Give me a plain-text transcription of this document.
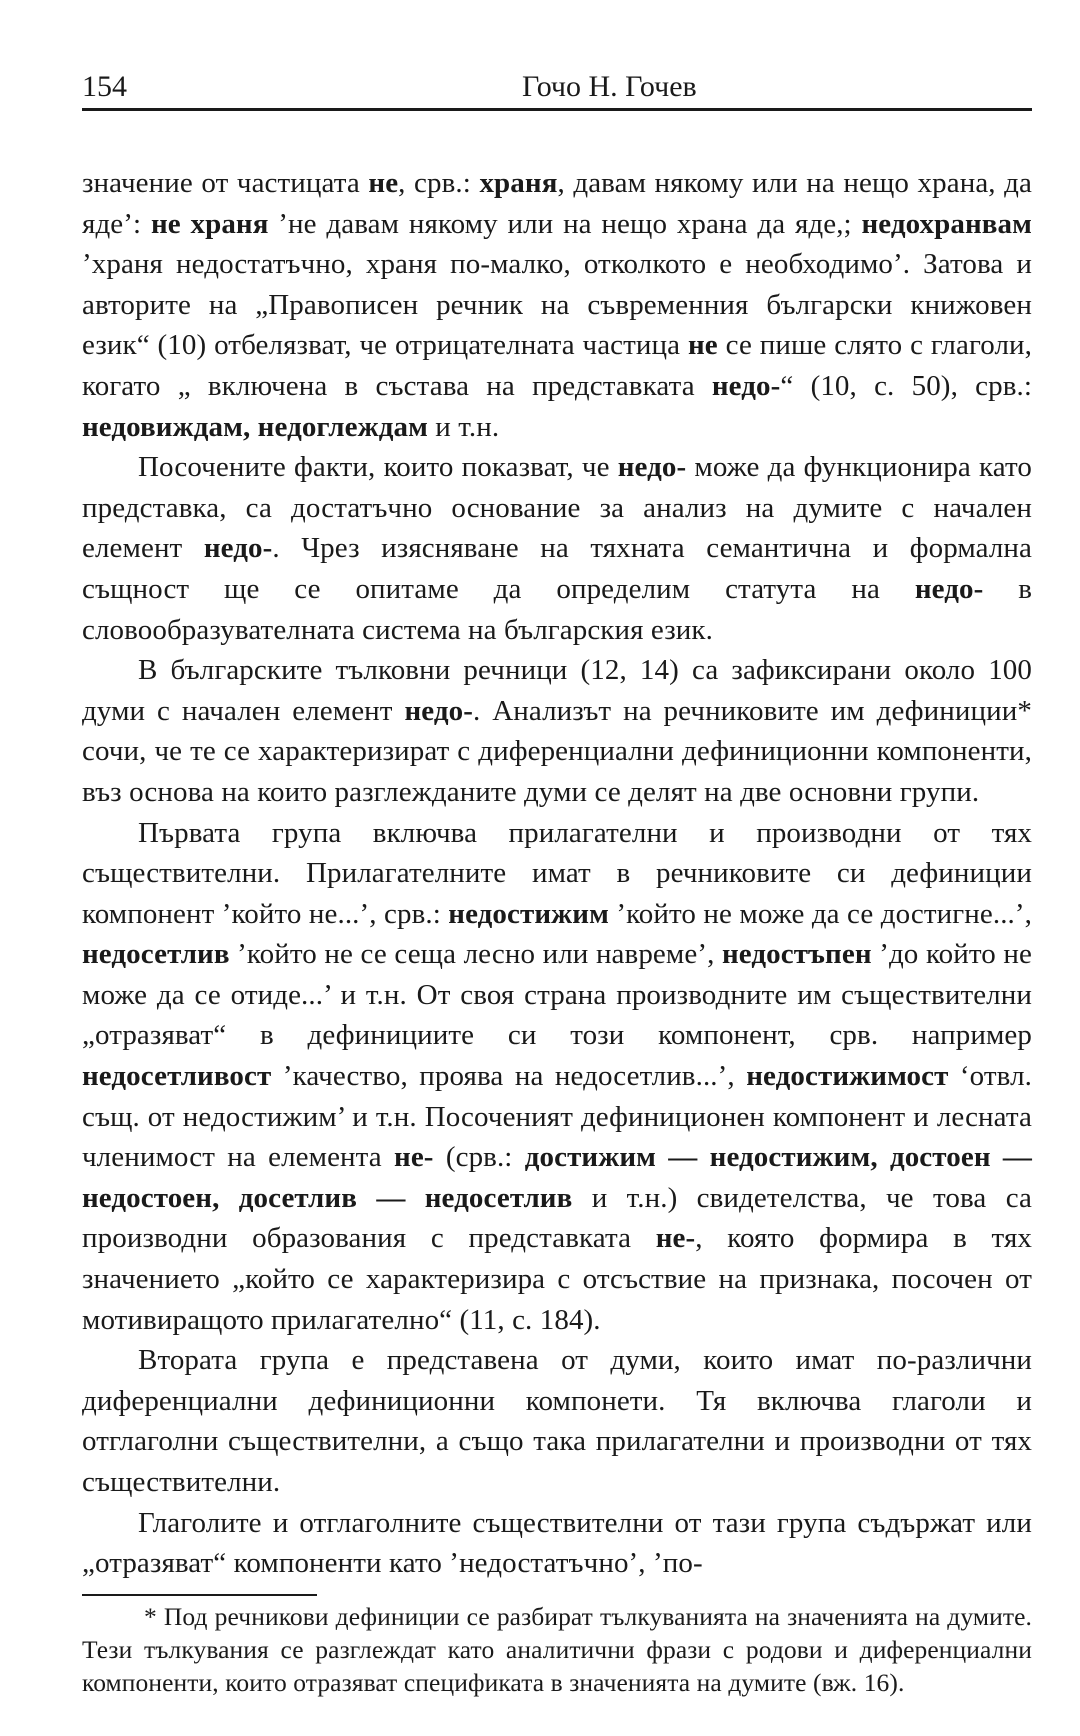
154	Гочо Н. Гочев

значение от частицата не, срв.: храня, давам някому или на нещо храна, да яде’: не храня ’не давам някому или на нещо храна да яде,; недохранвам ’храня недостатъчно, храня по-малко, отколкото е необходимо’. Затова и авторите на „Правописен речник на съвременния български книжовен език“ (10) отбелязват, че отрицателната частица не се пише слято с глаголи, когато „ включена в състава на представката недо-“ (10, с. 50), срв.: недовиждам, недоглеждам и т.н.

Посочените факти, които показват, че недо- може да функционира като представка, са достатъчно основание за анализ на думите с начален елемент недо-. Чрез изясняване на тяхната семантична и формална същност ще се опитаме да определим статута на недо- в словообразувателната система на българския език.

В българските тълковни речници (12, 14) са зафиксирани около 100 думи с начален елемент недо-. Анализът на речниковите им дефиниции* сочи, че те се характеризират с диференциални дефиниционни компоненти, въз основа на които разглежданите думи се делят на две основни групи.

Първата група включва прилагателни и производни от тях съществителни. Прилагателните имат в речниковите си дефиниции компонент ’който не...’, срв.: недостижим ’който не може да се достигне...’, недосетлив ’който не се сеща лесно или навреме’, недостъпен ’до който не може да се отиде...’ и т.н. От своя страна производните им съществителни „отразяват“ в дефинициите си този компонент, срв. например недосетливост ’качество, проява на недосетлив...’, недостижимост ‘отвл. същ. от недостижим’ и т.н. Посоченият дефиниционен компонент и лесната членимост на елемента не- (срв.: достижим — недостижим, достоен — недостоен, досетлив — недосетлив и т.н.) свидетелства, че това са производни образования с представката не-, която формира в тях значението „който се характеризира с отсъствие на признака, посочен от мотивиращото прилагателно“ (11, с. 184).

Втората група е представена от думи, които имат по-различни диференциални дефиниционни компонети. Тя включва глаголи и отглаголни съществителни, а също така прилагателни и производни от тях съществителни.

Глаголите и отглаголните съществителни от тази група съдържат или „отразяват“ компоненти като ’недостатъчно’, ’по-

* Под речникови дефиниции се разбират тълкуванията на значенията на думите. Тези тълкувания се разглеждат като аналитични фрази с родови и диференциални компоненти, които отразяват спецификата в значенията на думите (вж. 16).
